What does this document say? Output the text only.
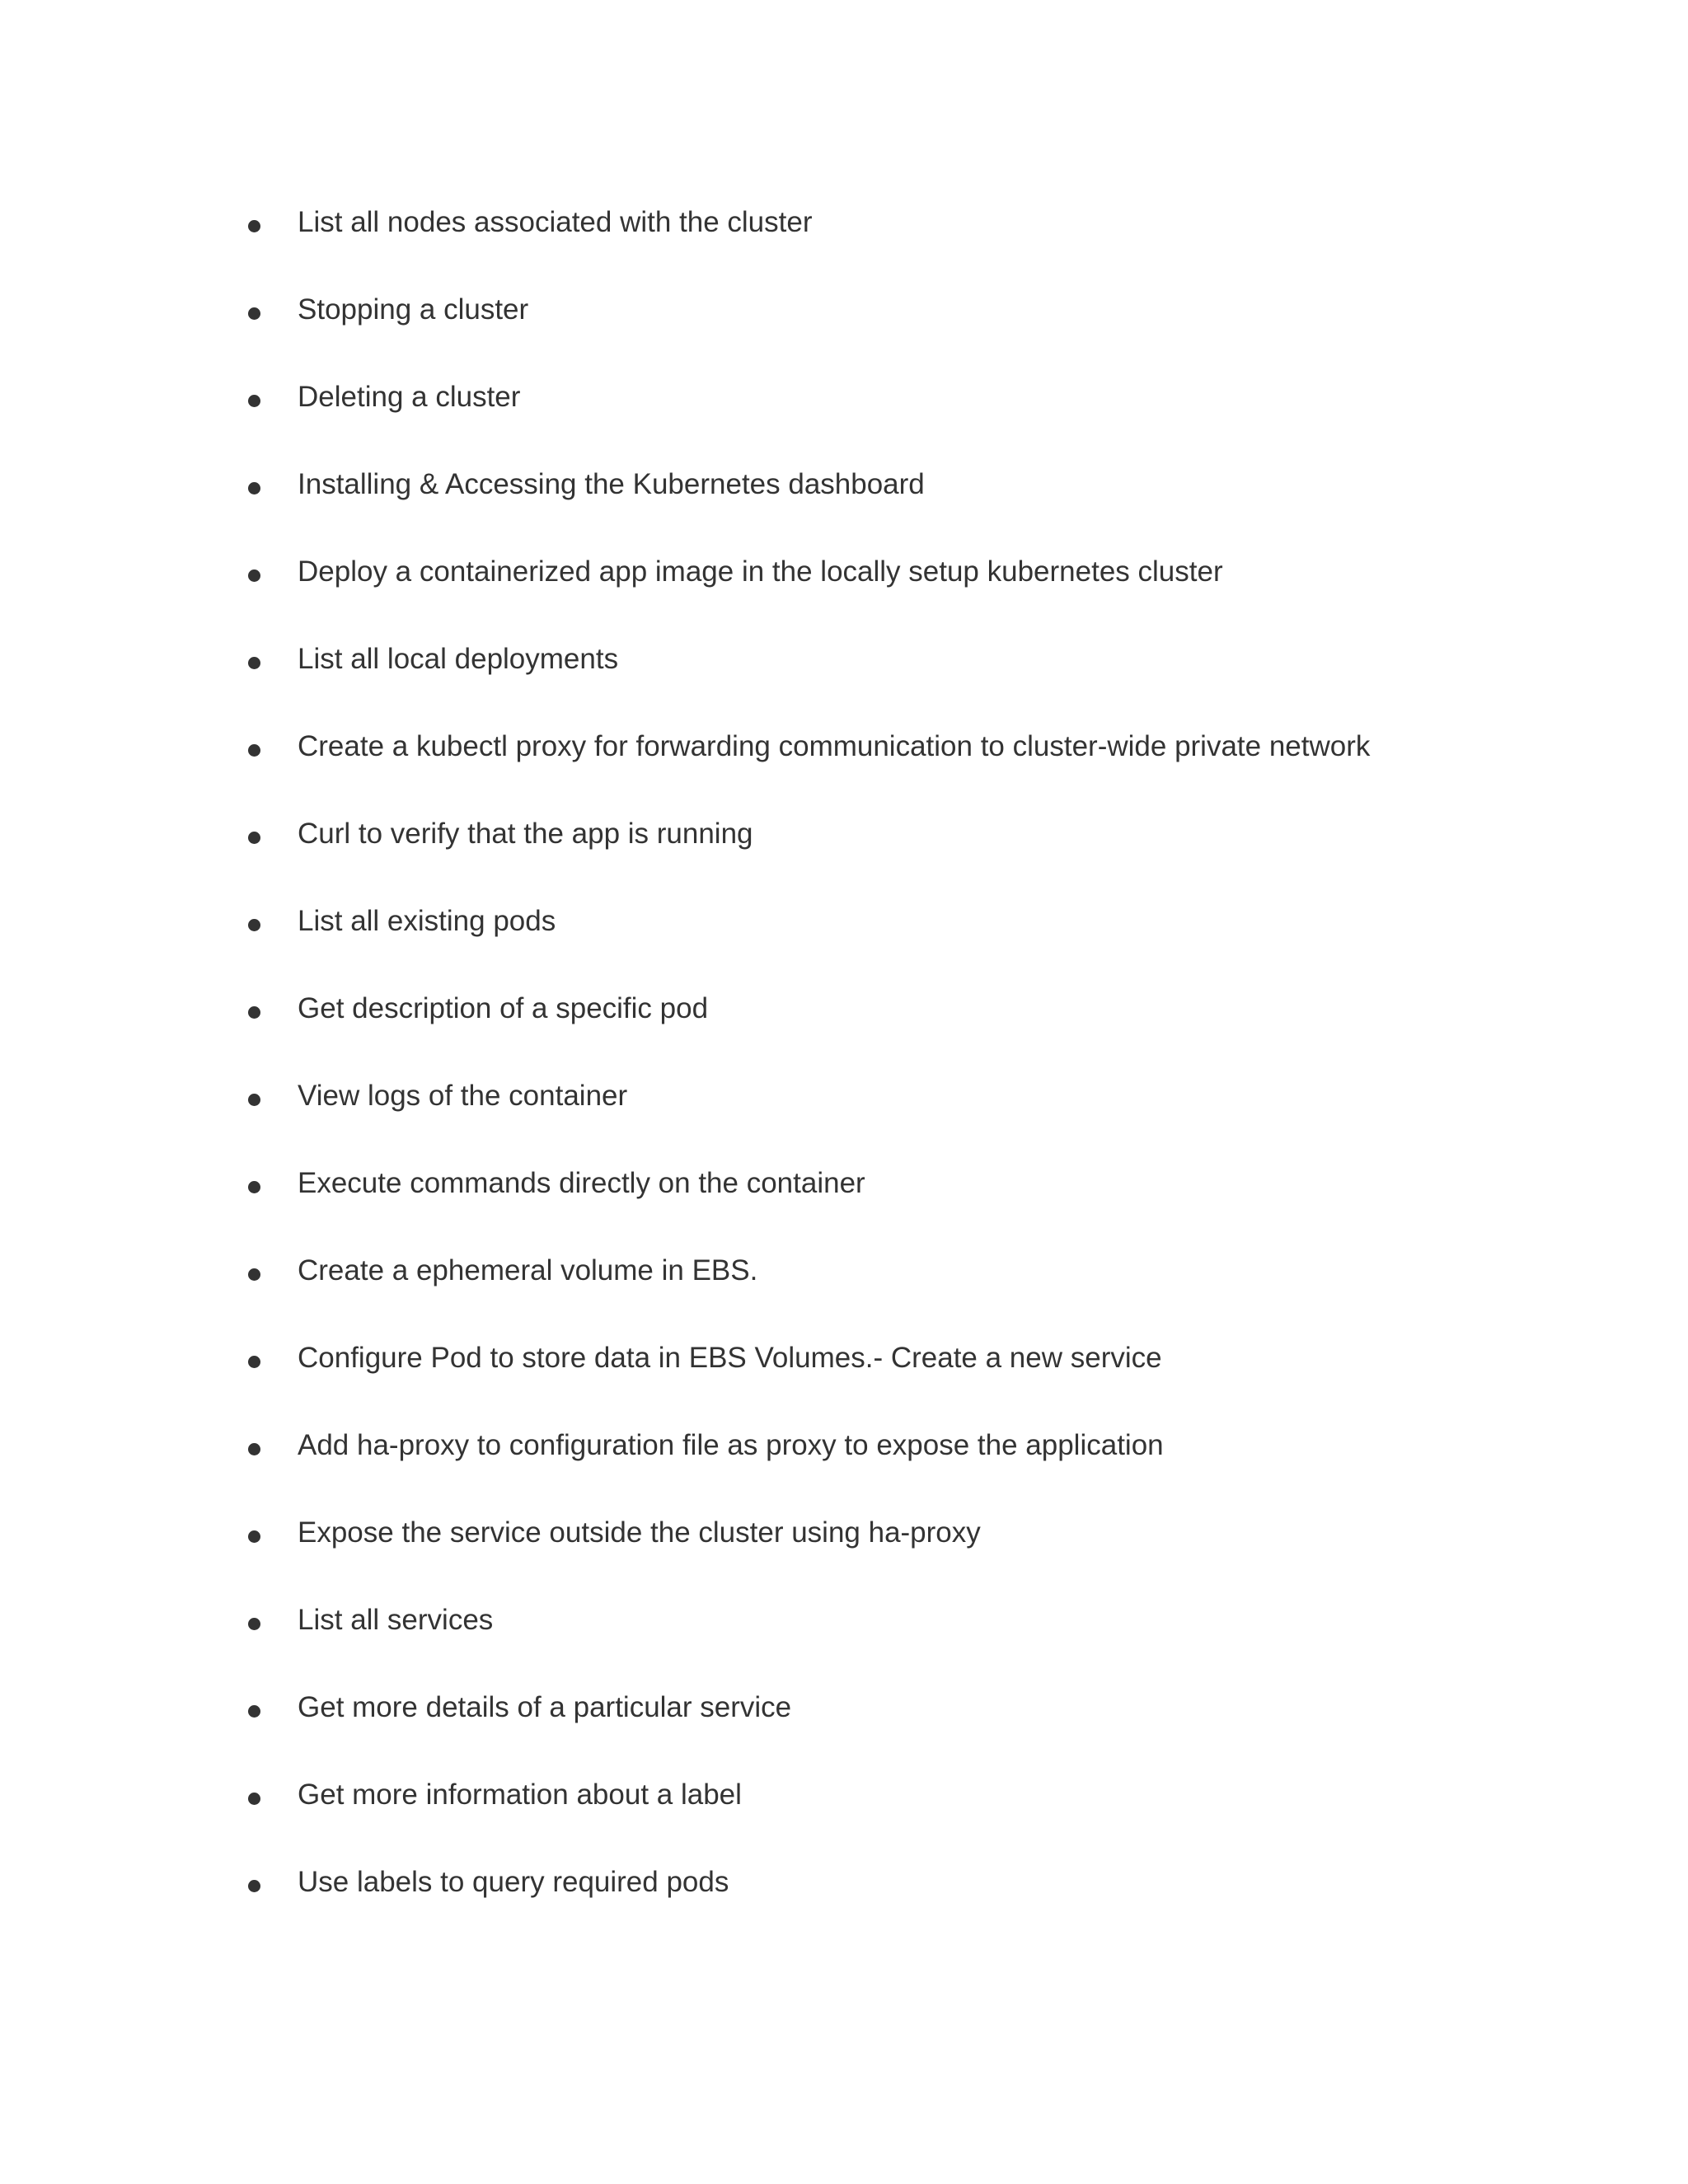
List all nodes associated with the cluster
Stopping a cluster
Deleting a cluster
Installing & Accessing the Kubernetes dashboard
Deploy a containerized app image in the locally setup kubernetes cluster
List all local deployments
Create a kubectl proxy for forwarding communication to cluster-wide private network
Curl to verify that the app is running
List all existing pods
Get description of a specific pod
View logs of the container
Execute commands directly on the container
Create a ephemeral volume in EBS.
Configure Pod to store data in EBS Volumes.- Create a new service
Add ha-proxy to configuration file as proxy to expose the application
Expose the service outside the cluster using ha-proxy
List all services
Get more details of a particular service
Get more information about a label
Use labels to query required pods
